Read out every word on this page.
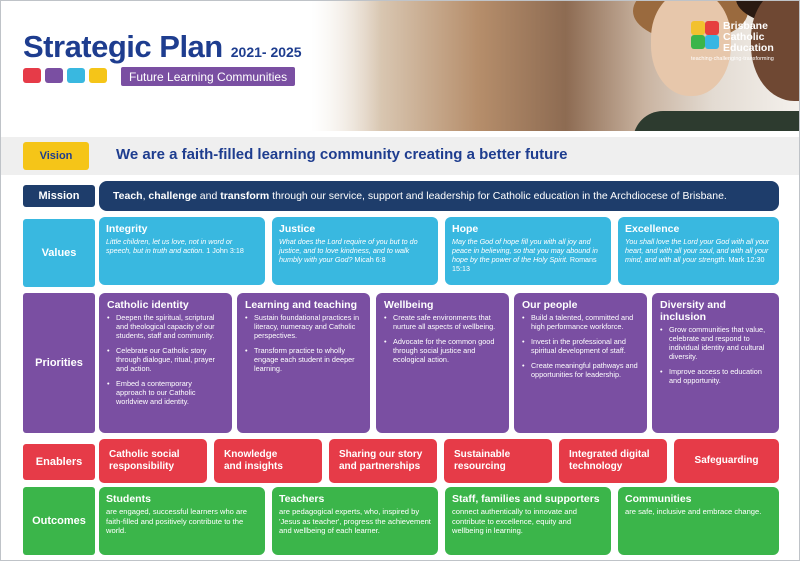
Strategic Plan 2021- 2025
Future Learning Communities
Brisbane
Catholic
Education
teaching·challenging·transforming
Vision	We are a faith-filled learning community creating a better future
Mission	Teach, challenge and transform through our service, support and leadership for Catholic education in the Archdiocese of Brisbane.
Values
Integrity

Little children, let us love, not in word or speech, but in truth and action. 1 John 3:18

Justice

What does the Lord require of you but to do justice, and to love kindness, and to walk humbly with your God? Micah 6:8

Hope

May the God of hope fill you with all joy and peace in believing, so that you may abound in hope by the power of the Holy Spirit. Romans 15:13

Excellence

You shall love the Lord your God with all your heart, and with all your soul, and with all your mind, and with all your strength. Mark 12:30

Priorities
Catholic identity
• Deepen the spiritual, scriptural and theological capacity of our students, staff and community.
• Celebrate our Catholic story through dialogue, ritual, prayer and action.
• Embed a contemporary approach to our Catholic worldview and identity.
Learning and teaching
• Sustain foundational practices in literacy, numeracy and Catholic perspectives.
• Transform practice to wholly engage each student in deeper learning.
Wellbeing
• Create safe environments that nurture all aspects of wellbeing.
• Advocate for the common good through social justice and ecological action.
Our people
• Build a talented, committed and high performance workforce.
• Invest in the professional and spiritual development of staff.
• Create meaningful pathways and opportunities for leadership.
Diversity and inclusion
• Grow communities that value, celebrate and respond to individual identity and cultural diversity.
• Improve access to education and opportunity.
Enablers
Catholic social
responsibility
Knowledge
and insights
Sharing our story
and partnerships
Sustainable
resourcing
Integrated digital
technology
Safeguarding
Outcomes
Students

are engaged, successful learners who are faith-filled and positively contribute to the world.

Teachers

are pedagogical experts, who, inspired by 'Jesus as teacher', progress the achievement and wellbeing of each learner.

Staff, families and supporters

connect authentically to innovate and contribute to excellence, equity and wellbeing in learning.

Communities

are safe, inclusive and embrace change.
